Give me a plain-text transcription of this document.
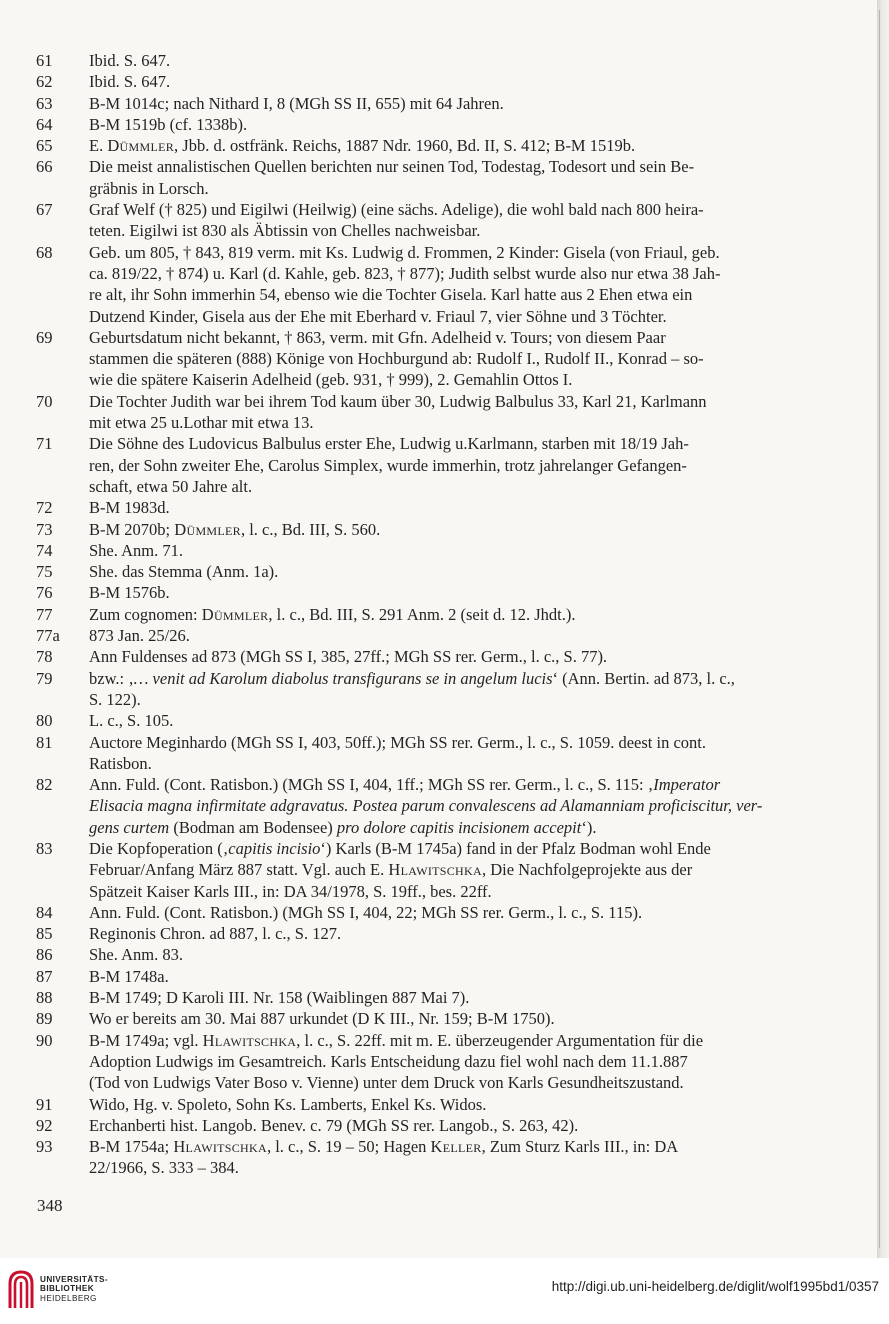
61	Ibid. S. 647.
62	Ibid. S. 647.
63	B-M 1014c; nach Nithard I, 8 (MGh SS II, 655) mit 64 Jahren.
64	B-M 1519b (cf. 1338b).
65	E. Dümmler, Jbb. d. ostfränk. Reichs, 1887 Ndr. 1960, Bd. II, S. 412; B-M 1519b.
66	Die meist annalistischen Quellen berichten nur seinen Tod, Todestag, Todesort und sein Be-
gräbnis in Lorsch.
67	Graf Welf († 825) und Eigilwi (Heilwig) (eine sächs. Adelige), die wohl bald nach 800 heira-
teten. Eigilwi ist 830 als Äbtissin von Chelles nachweisbar.
68	Geb. um 805, † 843, 819 verm. mit Ks. Ludwig d. Frommen, 2 Kinder: Gisela (von Friaul, geb.
ca. 819/22, † 874) u. Karl (d. Kahle, geb. 823, † 877); Judith selbst wurde also nur etwa 38 Jah-
re alt, ihr Sohn immerhin 54, ebenso wie die Tochter Gisela. Karl hatte aus 2 Ehen etwa ein
Dutzend Kinder, Gisela aus der Ehe mit Eberhard v. Friaul 7, vier Söhne und 3 Töchter.
69	Geburtsdatum nicht bekannt, † 863, verm. mit Gfn. Adelheid v. Tours; von diesem Paar
stammen die späteren (888) Könige von Hochburgund ab: Rudolf I., Rudolf II., Konrad – so-
wie die spätere Kaiserin Adelheid (geb. 931, † 999), 2. Gemahlin Ottos I.
70	Die Tochter Judith war bei ihrem Tod kaum über 30, Ludwig Balbulus 33, Karl 21, Karlmann
mit etwa 25 u.Lothar mit etwa 13.
71	Die Söhne des Ludovicus Balbulus erster Ehe, Ludwig u.Karlmann, starben mit 18/19 Jah-
ren, der Sohn zweiter Ehe, Carolus Simplex, wurde immerhin, trotz jahrelanger Gefangen-
schaft, etwa 50 Jahre alt.
72	B-M 1983d.
73	B-M 2070b; Dümmler, l. c., Bd. III, S. 560.
74	She. Anm. 71.
75	She. das Stemma (Anm. 1a).
76	B-M 1576b.
77	Zum cognomen: Dümmler, l. c., Bd. III, S. 291 Anm. 2 (seit d. 12. Jhdt.).
77a	873 Jan. 25/26.
78	Ann Fuldenses ad 873 (MGh SS I, 385, 27ff.; MGh SS rer. Germ., l. c., S. 77).
79	bzw.: ‚… venit ad Karolum diabolus transfigurans se in angelum lucis‘ (Ann. Bertin. ad 873, l. c.,
S. 122).
80	L. c., S. 105.
81	Auctore Meginhardo (MGh SS I, 403, 50ff.); MGh SS rer. Germ., l. c., S. 1059. deest in cont.
Ratisbon.
82	Ann. Fuld. (Cont. Ratisbon.) (MGh SS I, 404, 1ff.; MGh SS rer. Germ., l. c., S. 115: ‚Imperator
Elisacia magna infirmitate adgravatus. Postea parum convalescens ad Alamanniam proficiscitur, ver-
gens curtem (Bodman am Bodensee) pro dolore capitis incisionem accepit‘).
83	Die Kopfoperation (‚capitis incisio‘) Karls (B-M 1745a) fand in der Pfalz Bodman wohl Ende
Februar/Anfang März 887 statt. Vgl. auch E. Hlawitschka, Die Nachfolgeprojekte aus der
Spätzeit Kaiser Karls III., in: DA 34/1978, S. 19ff., bes. 22ff.
84	Ann. Fuld. (Cont. Ratisbon.) (MGh SS I, 404, 22; MGh SS rer. Germ., l. c., S. 115).
85	Reginonis Chron. ad 887, l. c., S. 127.
86	She. Anm. 83.
87	B-M 1748a.
88	B-M 1749; D Karoli III. Nr. 158 (Waiblingen 887 Mai 7).
89	Wo er bereits am 30. Mai 887 urkundet (D K III., Nr. 159; B-M 1750).
90	B-M 1749a; vgl. Hlawitschka, l. c., S. 22ff. mit m. E. überzeugender Argumentation für die
Adoption Ludwigs im Gesamtreich. Karls Entscheidung dazu fiel wohl nach dem 11.1.887
(Tod von Ludwigs Vater Boso v. Vienne) unter dem Druck von Karls Gesundheitszustand.
91	Wido, Hg. v. Spoleto, Sohn Ks. Lamberts, Enkel Ks. Widos.
92	Erchanberti hist. Langob. Benev. c. 79 (MGh SS rer. Langob., S. 263, 42).
93	B-M 1754a; Hlawitschka, l. c., S. 19 – 50; Hagen Keller, Zum Sturz Karls III., in: DA
22/1966, S. 333 – 384.
348
UNIVERSITÄTS-
BIBLIOTHEK
HEIDELBERG
http://digi.ub.uni-heidelberg.de/diglit/wolf1995bd1/0357
